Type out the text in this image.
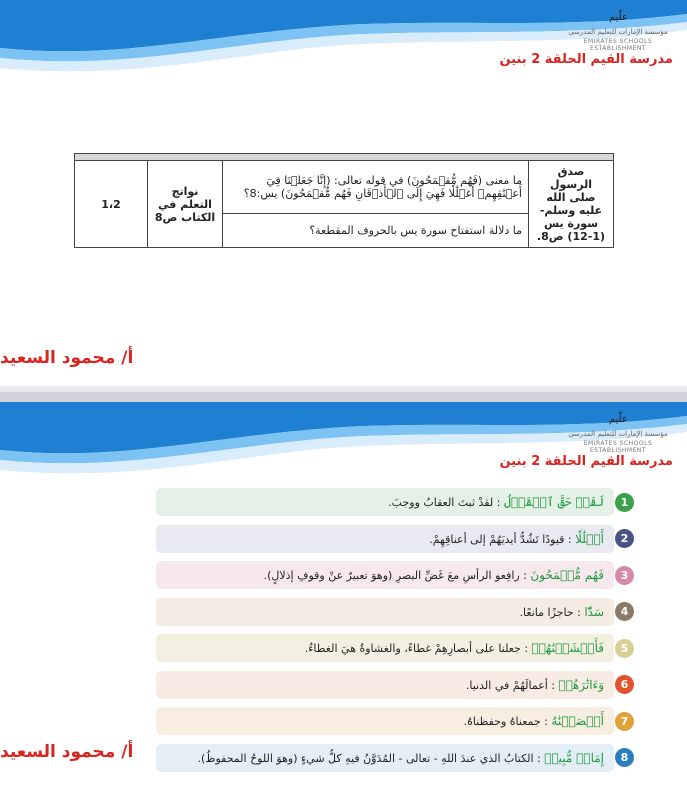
علّيم
مؤسسة الإمارات للتعليم المدرسي
EMIRATES SCHOOLS ESTABLISHMENT
مدرسة القيم الحلقة 2 بنين

صدق الرسول صلى الله عليه وسلم- سورة يس (1-12) ص8.	ما معنى (فَهُم مُّقۡمَحُونَ) في قوله تعالى: (إِنَّا جَعَلۡنَا فِيٓ أَعۡنَٰقِهِمۡ أَغۡلَٰلٗا فَهِيَ إِلَى ٱلۡأَذۡقَانِ فَهُم مُّقۡمَحُونَ) يس:8؟	نواتج التعلم في الكتاب ص8	1،2
ما دلالة استفتاح سورة يس بالحروف المقطعة؟
أ/ محمود السعيد
علّيم
مؤسسة الإمارات للتعليم المدرسي
EMIRATES SCHOOLS ESTABLISHMENT
مدرسة القيم الحلقة 2 بنين
لَقَدۡ حَقَّ ٱلۡقَوۡلُ : لقدْ ثبتَ العقابُ ووجبَ.	1
أَغۡلَٰلٗا : قيودًا تَشُدُّ أيديَهُمْ إلى أعناقِهِمْ.	2
فَهُم مُّقۡمَحُونَ : رافِعو الرأسِ معَ غَضِّ البصرِ (وهوَ تعبيرٌ عنْ وقوفِ إذلالٍ).	3
سَدّٗا : حاجزًا مانعًا.	4
فَأَغۡشَيۡنَٰهُمۡ : جعلنا على أبصارِهِمْ غطاءً، والغشاوةُ هيَ الغطاءُ.	5
وَءَاثَٰرَهُمۡ : أعمالَهُمْ في الدنيا.	6
أَحۡصَيۡنَٰهُ : جمعناهُ وحفظناهُ.	7
إِمَامٖ مُّبِينٖ : الكتابُ الذي عندَ اللهِ - تعالى - المُدَوَّنُ فيهِ كلُّ شيءٍ (وهوَ اللوحُ المحفوظُ).	8
أ/ محمود السعيد
